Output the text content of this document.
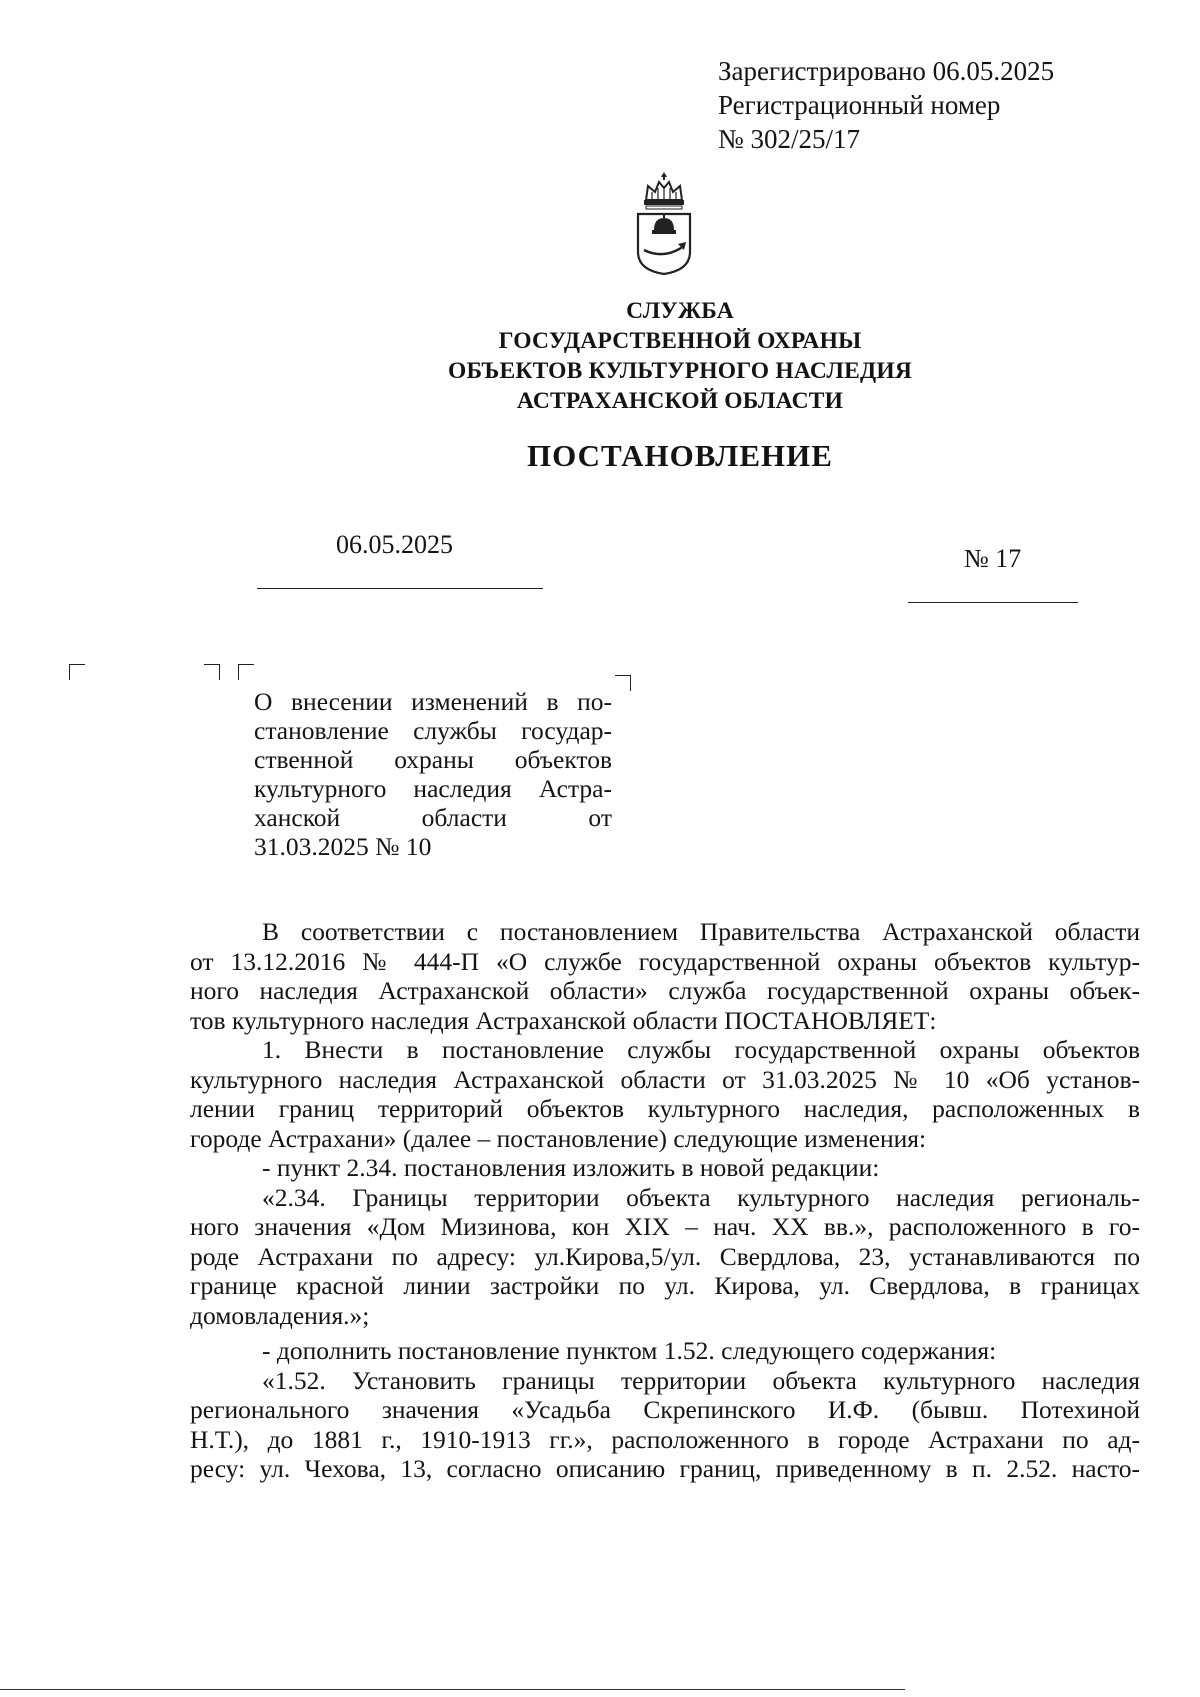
Зарегистрировано 06.05.2025
Регистрационный номер
№ 302/25/17
СЛУЖБА
ГОСУДАРСТВЕННОЙ ОХРАНЫ
ОБЪЕКТОВ КУЛЬТУРНОГО НАСЛЕДИЯ
АСТРАХАНСКОЙ ОБЛАСТИ
ПОСТАНОВЛЕНИЕ
06.05.2025	№ 17
О внесении изменений в по-
становление службы государ-
ственной охраны объектов
культурного наследия Астра-
ханской области от
31.03.2025 № 10
В соответствии с постановлением Правительства Астраханской области
от 13.12.2016 № 444-П «О службе государственной охраны объектов культур-
ного наследия Астраханской области» служба государственной охраны объек-
тов культурного наследия Астраханской области ПОСТАНОВЛЯЕТ:
1. Внести в постановление службы государственной охраны объектов
культурного наследия Астраханской области от 31.03.2025 № 10 «Об установ-
лении границ территорий объектов культурного наследия, расположенных в
городе Астрахани» (далее – постановление) следующие изменения:
- пункт 2.34. постановления изложить в новой редакции:
«2.34. Границы территории объекта культурного наследия региональ-
ного значения «Дом Мизинова, кон XIX – нач. XX вв.», расположенного в го-
роде Астрахани по адресу: ул.Кирова,5/ул. Свердлова, 23, устанавливаются по
границе красной линии застройки по ул. Кирова, ул. Свердлова, в границах
домовладения.»;
- дополнить постановление пунктом 1.52. следующего содержания:
«1.52. Установить границы территории объекта культурного наследия
регионального значения «Усадьба Скрепинского И.Ф. (бывш. Потехиной
Н.Т.), до 1881 г., 1910-1913 гг.», расположенного в городе Астрахани по ад-
ресу: ул. Чехова, 13, согласно описанию границ, приведенному в п. 2.52. насто-
